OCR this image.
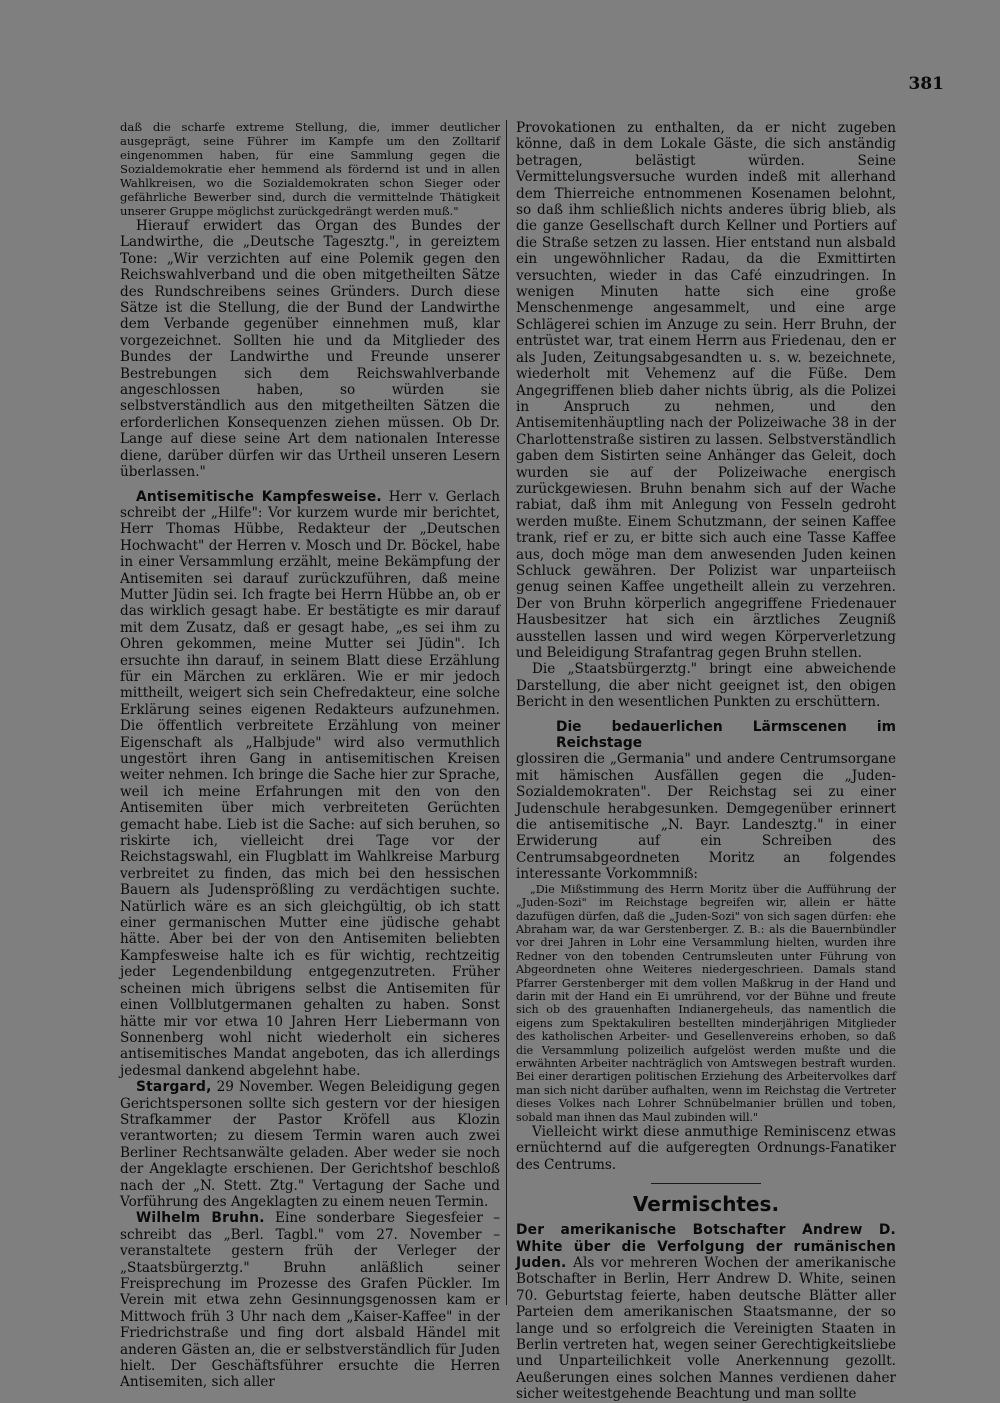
381

daß die scharfe extreme Stellung, die, immer deutlicher ausgeprägt, seine Führer im Kampfe um den Zolltarif eingenommen haben, für eine Sammlung gegen die Sozialdemokratie eher hemmend als fördernd ist und in allen Wahlkreisen, wo die Sozialdemokraten schon Sieger oder gefährliche Bewerber sind, durch die vermittelnde Thätigkeit unserer Gruppe möglichst zurückgedrängt werden muß."

Hierauf erwidert das Organ des Bundes der Landwirthe, die „Deutsche Tagesztg.", in gereiztem Tone: „Wir verzichten auf eine Polemik gegen den Reichswahlverband und die oben mitgetheilten Sätze des Rundschreibens seines Gründers. Durch diese Sätze ist die Stellung, die der Bund der Landwirthe dem Verbande gegenüber einnehmen muß, klar vorgezeichnet. Sollten hie und da Mitglieder des Bundes der Landwirthe und Freunde unserer Bestrebungen sich dem Reichswahlverbande angeschlossen haben, so würden sie selbstverständlich aus den mitgetheilten Sätzen die erforderlichen Konsequenzen ziehen müssen. Ob Dr. Lange auf diese seine Art dem nationalen Interesse diene, darüber dürfen wir das Urtheil unseren Lesern überlassen."

Antisemitische Kampfesweise. Herr v. Gerlach schreibt der „Hilfe": Vor kurzem wurde mir berichtet, Herr Thomas Hübbe, Redakteur der „Deutschen Hochwacht" der Herren v. Mosch und Dr. Böckel, habe in einer Versammlung erzählt, meine Bekämpfung der Antisemiten sei darauf zurückzuführen, daß meine Mutter Jüdin sei. Ich fragte bei Herrn Hübbe an, ob er das wirklich gesagt habe. Er bestätigte es mir darauf mit dem Zusatz, daß er gesagt habe, „es sei ihm zu Ohren gekommen, meine Mutter sei Jüdin". Ich ersuchte ihn darauf, in seinem Blatt diese Erzählung für ein Märchen zu erklären. Wie er mir jedoch mittheilt, weigert sich sein Chefredakteur, eine solche Erklärung seines eigenen Redakteurs aufzunehmen. Die öffentlich verbreitete Erzählung von meiner Eigenschaft als „Halbjude" wird also vermuthlich ungestört ihren Gang in antisemitischen Kreisen weiter nehmen. Ich bringe die Sache hier zur Sprache, weil ich meine Erfahrungen mit den von den Antisemiten über mich verbreiteten Gerüchten gemacht habe. Lieb ist die Sache: auf sich beruhen, so riskirte ich, vielleicht drei Tage vor der Reichstagswahl, ein Flugblatt im Wahlkreise Marburg verbreitet zu finden, das mich bei den hessischen Bauern als Judensprößling zu verdächtigen suchte. Natürlich wäre es an sich gleichgültig, ob ich statt einer germanischen Mutter eine jüdische gehabt hätte. Aber bei der von den Antisemiten beliebten Kampfesweise halte ich es für wichtig, rechtzeitig jeder Legendenbildung entgegenzutreten. Früher scheinen mich übrigens selbst die Antisemiten für einen Vollblutgermanen gehalten zu haben. Sonst hätte mir vor etwa 10 Jahren Herr Liebermann von Sonnenberg wohl nicht wiederholt ein sicheres antisemitisches Mandat angeboten, das ich allerdings jedesmal dankend abgelehnt habe.

Stargard, 29 November. Wegen Beleidigung gegen Gerichtspersonen sollte sich gestern vor der hiesigen Strafkammer der Pastor Kröfell aus Klozin verantworten; zu diesem Termin waren auch zwei Berliner Rechtsanwälte geladen. Aber weder sie noch der Angeklagte erschienen. Der Gerichtshof beschloß nach der „N. Stett. Ztg." Vertagung der Sache und Vorführung des Angeklagten zu einem neuen Termin.

Wilhelm Bruhn. Eine sonderbare Siegesfeier – schreibt das „Berl. Tagbl." vom 27. November – veranstaltete gestern früh der Verleger der „Staatsbürgerztg." Bruhn anläßlich seiner Freisprechung im Prozesse des Grafen Pückler. Im Verein mit etwa zehn Gesinnungsgenossen kam er Mittwoch früh 3 Uhr nach dem „Kaiser-Kaffee" in der Friedrichstraße und fing dort alsbald Händel mit anderen Gästen an, die er selbstverständlich für Juden hielt. Der Geschäftsführer ersuchte die Herren Antisemiten, sich aller

Provokationen zu enthalten, da er nicht zugeben könne, daß in dem Lokale Gäste, die sich anständig betragen, belästigt würden. Seine Vermittelungsversuche wurden indeß mit allerhand dem Thierreiche entnommenen Kosenamen belohnt, so daß ihm schließlich nichts anderes übrig blieb, als die ganze Gesellschaft durch Kellner und Portiers auf die Straße setzen zu lassen. Hier entstand nun alsbald ein ungewöhnlicher Radau, da die Exmittirten versuchten, wieder in das Café einzudringen. In wenigen Minuten hatte sich eine große Menschenmenge angesammelt, und eine arge Schlägerei schien im Anzuge zu sein. Herr Bruhn, der entrüstet war, trat einem Herrn aus Friedenau, den er als Juden, Zeitungsabgesandten u. s. w. bezeichnete, wiederholt mit Vehemenz auf die Füße. Dem Angegriffenen blieb daher nichts übrig, als die Polizei in Anspruch zu nehmen, und den Antisemitenhäuptling nach der Polizeiwache 38 in der Charlottenstraße sistiren zu lassen. Selbstverständlich gaben dem Sistirten seine Anhänger das Geleit, doch wurden sie auf der Polizeiwache energisch zurückgewiesen. Bruhn benahm sich auf der Wache rabiat, daß ihm mit Anlegung von Fesseln gedroht werden mußte. Einem Schutzmann, der seinen Kaffee trank, rief er zu, er bitte sich auch eine Tasse Kaffee aus, doch möge man dem anwesenden Juden keinen Schluck gewähren. Der Polizist war unparteiisch genug seinen Kaffee ungetheilt allein zu verzehren. Der von Bruhn körperlich angegriffene Friedenauer Hausbesitzer hat sich ein ärztliches Zeugniß ausstellen lassen und wird wegen Körperverletzung und Beleidigung Strafantrag gegen Bruhn stellen.

Die „Staatsbürgerztg." bringt eine abweichende Darstellung, die aber nicht geeignet ist, den obigen Bericht in den wesentlichen Punkten zu erschüttern.

Die bedauerlichen Lärmscenen im Reichstage

glossiren die „Germania" und andere Centrumsorgane mit hämischen Ausfällen gegen die „Juden-Sozialdemokraten". Der Reichstag sei zu einer Judenschule herabgesunken. Demgegenüber erinnert die antisemitische „N. Bayr. Landesztg." in einer Erwiderung auf ein Schreiben des Centrumsabgeordneten Moritz an folgendes interessante Vorkommniß:

„Die Mißstimmung des Herrn Moritz über die Aufführung der „Juden-Sozi" im Reichstage begreifen wir, allein er hätte dazufügen dürfen, daß die „Juden-Sozi" von sich sagen dürfen: ehe Abraham war, da war Gerstenberger. Z. B.: als die Bauernbündler vor drei Jahren in Lohr eine Versammlung hielten, wurden ihre Redner von den tobenden Centrumsleuten unter Führung von Abgeordneten ohne Weiteres niedergeschrieen. Damals stand Pfarrer Gerstenberger mit dem vollen Maßkrug in der Hand und darin mit der Hand ein Ei umrührend, vor der Bühne und freute sich ob des grauenhaften Indianergeheuls, das namentlich die eigens zum Spektakuliren bestellten minderjährigen Mitglieder des katholischen Arbeiter- und Gesellenvereins erhoben, so daß die Versammlung polizeilich aufgelöst werden mußte und die erwähnten Arbeiter nachträglich von Amtswegen bestraft wurden. Bei einer derartigen politischen Erziehung des Arbeitervolkes darf man sich nicht darüber aufhalten, wenn im Reichstag die Vertreter dieses Volkes nach Lohrer Schnübelmanier brüllen und toben, sobald man ihnen das Maul zubinden will."

Vielleicht wirkt diese anmuthige Reminiscenz etwas ernüchternd auf die aufgeregten Ordnungs-Fanatiker des Centrums.

Vermischtes.

Der amerikanische Botschafter Andrew D. White über die Verfolgung der rumänischen Juden. Als vor mehreren Wochen der amerikanische Botschafter in Berlin, Herr Andrew D. White, seinen 70. Geburtstag feierte, haben deutsche Blätter aller Parteien dem amerikanischen Staatsmanne, der so lange und so erfolgreich die Vereinigten Staaten in Berlin vertreten hat, wegen seiner Gerechtigkeitsliebe und Unparteilichkeit volle Anerkennung gezollt. Aeußerungen eines solchen Mannes verdienen daher sicher weitestgehende Beachtung und man sollte
